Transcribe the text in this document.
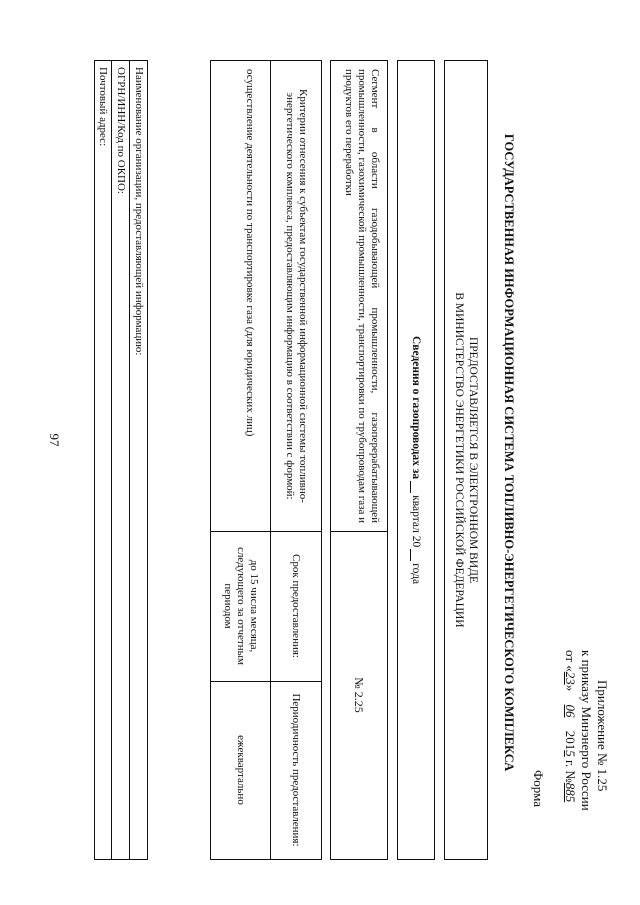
97
Приложение № 1.25
к приказу Минэнерго России
от «23» 06 2015 г. №885
Форма
ГОСУДАРСТВЕННАЯ ИНФОРМАЦИОННАЯ СИСТЕМА ТОПЛИВНО-ЭНЕРГЕТИЧЕСКОГО КОМПЛЕКСА
ПРЕДОСТАВЛЯЕТСЯ В ЭЛЕКТРОННОМ ВИДЕ
В МИНИСТЕРСТВО ЭНЕРГЕТИКИ РОССИЙСКОЙ ФЕДЕРАЦИИ
Сведения о газопроводах за
квартал 20
года
Сегмент в области газодобывающей промышленности, газоперерабатывающей промышленности, газохимической промышленности, транспортировки по трубопроводам газа и продуктов его переработки
№ 2.25
Критерии отнесения к субъектам государственной информационной системы топливно-энергетического комплекса, предоставляющим информацию в соответствии с формой:
Срок предоставления:
Периодичность предоставления:
осуществление деятельности по транспортировке газа (для юридических лиц)
до 15 числа месяца, следующего за отчетным периодом
ежеквартально
Наименование организации, предоставляющей информацию:
ОГРН/ИНН/Код по ОКПО:
Почтовый адрес:
